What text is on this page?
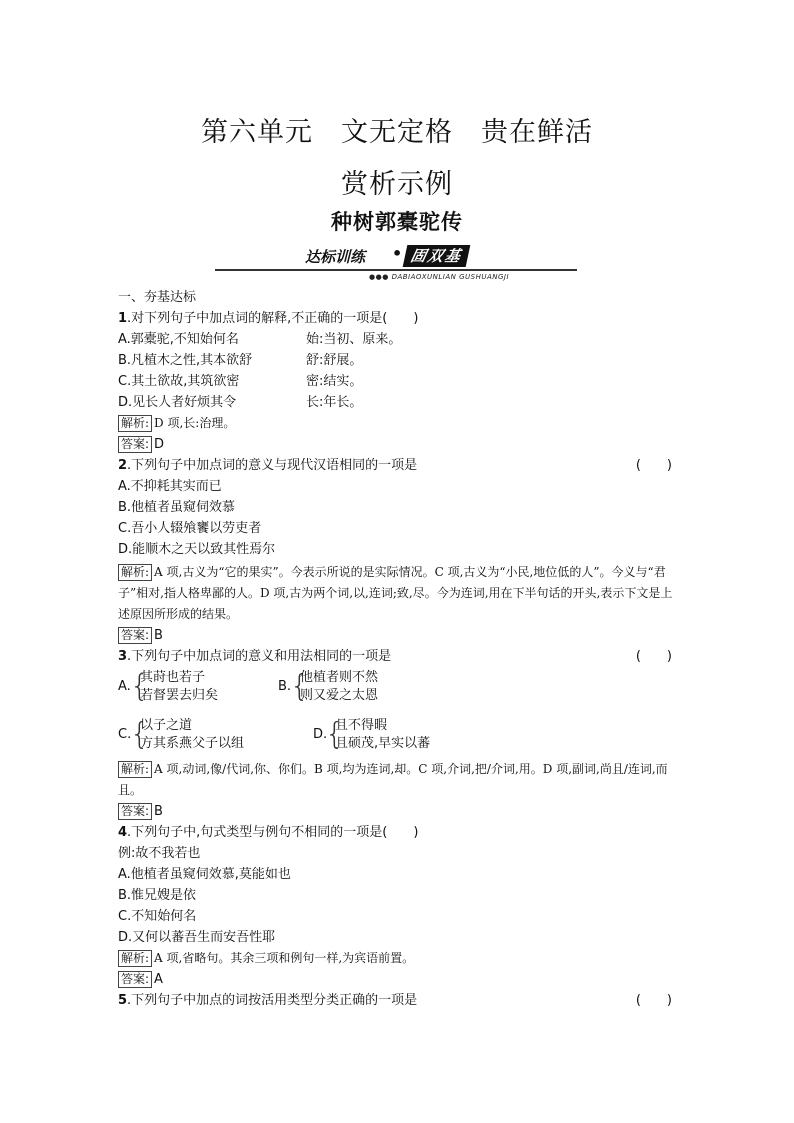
第六单元　文无定格　贵在鲜活
赏析示例
种树郭橐驼传
达标训练 • 固双基
●●● DABIAOXUNLIAN GUSHUANGJI
一、夯基达标
1.对下列句子中加点词的解释,不正确的一项是(　　)
A.郭橐驼,不知始何名	始:当初、原来。
B.凡植木之性,其本欲舒	舒:舒展。
C.其土欲故,其筑欲密	密:结实。
D.见长人者好烦其令	长:年长。
解析: D 项,长:治理。
答案: D
2.下列句子中加点词的意义与现代汉语相同的一项是	(　　)
A.不抑耗其实而已
B.他植者虽窥伺效慕
C.吾小人辍飧饔以劳吏者
D.能顺木之天以致其性焉尔
解析: A 项,古义为“它的果实”。今表示所说的是实际情况。C 项,古义为“小民,地位低的人”。今义与“君子”相对,指人格卑鄙的人。D 项,古为两个词,以,连词;致,尽。今为连词,用在下半句话的开头,表示下文是上述原因所形成的结果。
答案: B
3.下列句子中加点词的意义和用法相同的一项是	(　　)
A. {
其莳也若子
若督罢去归矣
B.
{
他植者则不然
则又爱之太恩
C.
{
以子之道
方其系燕父子以组
D.
{
且不得暇
且硕茂,早实以蕃
解析: A 项,动词,像/代词,你、你们。B 项,均为连词,却。C 项,介词,把/介词,用。D 项,副词,尚且/连词,而且。
答案: B
4.下列句子中,句式类型与例句不相同的一项是(　　)
例:故不我若也
A.他植者虽窥伺效慕,莫能如也
B.惟兄嫂是依
C.不知始何名
D.又何以蕃吾生而安吾性耶
解析: A 项,省略句。其余三项和例句一样,为宾语前置。
答案: A
5.下列句子中加点的词按活用类型分类正确的一项是	(　　)
